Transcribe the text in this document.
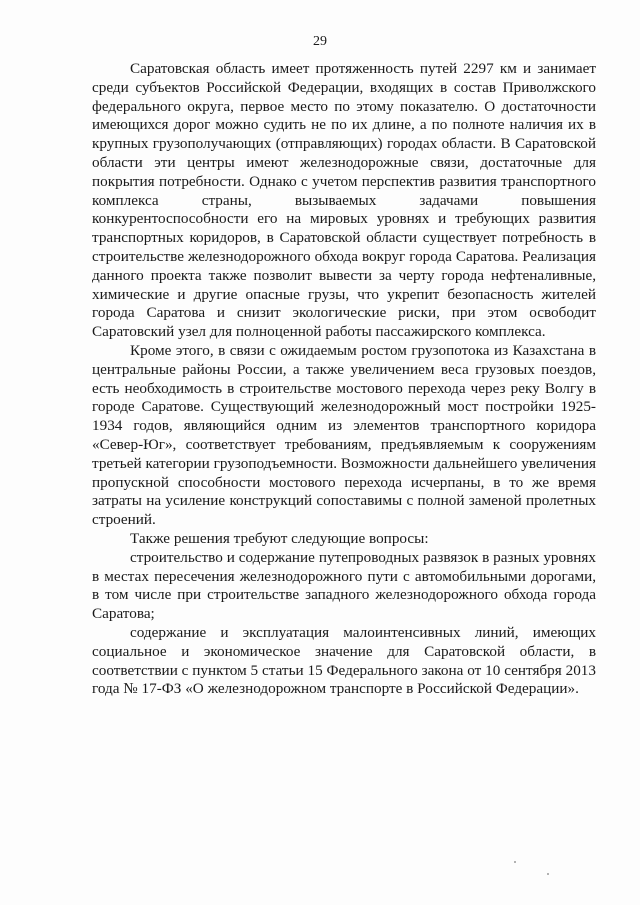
29

Саратовская область имеет протяженность путей 2297 км и занимает среди субъектов Российской Федерации, входящих в состав Приволжского федерального округа, первое место по этому показателю. О достаточности имеющихся дорог можно судить не по их длине, а по полноте наличия их в крупных грузополучающих (отправляющих) городах области. В Саратовской области эти центры имеют железнодорожные связи, достаточные для покрытия потребности. Однако с учетом перспектив развития транспортного комплекса страны, вызываемых задачами повышения конкурентоспособности его на мировых уровнях и требующих развития транспортных коридоров, в Саратовской области существует потребность в строительстве железнодорожного обхода вокруг города Саратова. Реализация данного проекта также позволит вывести за черту города нефтеналивные, химические и другие опасные грузы, что укрепит безопасность жителей города Саратова и снизит экологические риски, при этом освободит Саратовский узел для полноценной работы пассажирского комплекса.

Кроме этого, в связи с ожидаемым ростом грузопотока из Казахстана в центральные районы России, а также увеличением веса грузовых поездов, есть необходимость в строительстве мостового перехода через реку Волгу в городе Саратове. Существующий железнодорожный мост постройки 1925-1934 годов, являющийся одним из элементов транспортного коридора «Север-Юг», соответствует требованиям, предъявляемым к сооружениям третьей категории грузоподъемности. Возможности дальнейшего увеличения пропускной способности мостового перехода исчерпаны, в то же время затраты на усиление конструкций сопоставимы с полной заменой пролетных строений.

Также решения требуют следующие вопросы:

строительство и содержание путепроводных развязок в разных уровнях в местах пересечения железнодорожного пути с автомобильными дорогами, в том числе при строительстве западного железнодорожного обхода города Саратова;

содержание и эксплуатация малоинтенсивных линий, имеющих социальное и экономическое значение для Саратовской области, в соответствии с пунктом 5 статьи 15 Федерального закона от 10 сентября 2013 года № 17-ФЗ «О железнодорожном транспорте в Российской Федерации».
